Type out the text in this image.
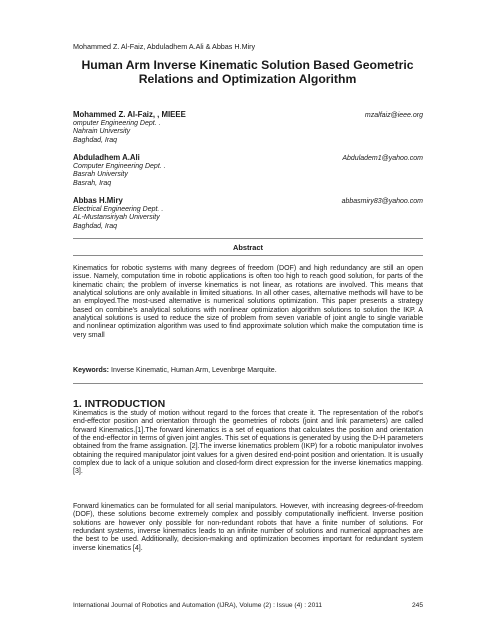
Mohammed Z. Al-Faiz, Abduladhem A.Ali & Abbas H.Miry
Human Arm Inverse Kinematic Solution Based Geometric
Relations and Optimization Algorithm
Mohammed Z. Al-Faiz, , MIEEE	mzalfaiz@ieee.org
omputer Engineering Dept. .
Nahrain University
Baghdad, Iraq
Abduladhem A.Ali	Abduladem1@yahoo.com
Computer Engineering Dept. .
Basrah University
Basrah, Iraq
Abbas H.Miry	abbasmiry83@yahoo.com
Electrical Engineering Dept. .
AL-Mustansiriyah University
Baghdad, Iraq
Abstract
Kinematics for robotic systems with many degrees of freedom (DOF) and high redundancy are still an open issue. Namely, computation time in robotic applications is often too high to reach good solution, for parts of the kinematic chain; the problem of inverse kinematics is not linear, as rotations are involved. This means that analytical solutions are only available in limited situations. In all other cases, alternative methods will have to be an employed.The most-used alternative is numerical solutions optimization. This paper presents a strategy based on combine’s analytical solutions with nonlinear optimization algorithm solutions to solution the IKP. A analytical solutions is used to reduce the size of problem from seven variable of joint angle to single variable and nonlinear optimization algorithm was used to find approximate solution which make the computation time is very small
Keywords: Inverse Kinematic, Human Arm, Levenbrge Marquite.
1. INTRODUCTION

Kinematics is the study of motion without regard to the forces that create it. The representation of the robot’s end-effector position and orientation through the geometries of robots (joint and link parameters) are called forward Kinematics.[1].The forward kinematics is a set of equations that calculates the position and orientation of the end-effector in terms of given joint angles. This set of equations is generated by using the D-H parameters obtained from the frame assignation. [2].The inverse kinematics problem (IKP) for a robotic manipulator involves obtaining the required manipulator joint values for a given desired end-point position and orientation. It is usually complex due to lack of a unique solution and closed-form direct expression for the inverse kinematics mapping. [3].

Forward kinematics can be formulated for all serial manipulators. However, with increasing degrees-of-freedom (DOF), these solutions become extremely complex and possibly computationally inefficient. Inverse position solutions are however only possible for non-redundant robots that have a finite number of solutions. For redundant systems, inverse kinematics leads to an infinite number of solutions and numerical approaches are the best to be used. Additionally, decision-making and optimization becomes important for redundant system inverse kinematics [4].

International Journal of Robotics and Automation (IJRA), Volume (2) : Issue (4) : 2011	245
